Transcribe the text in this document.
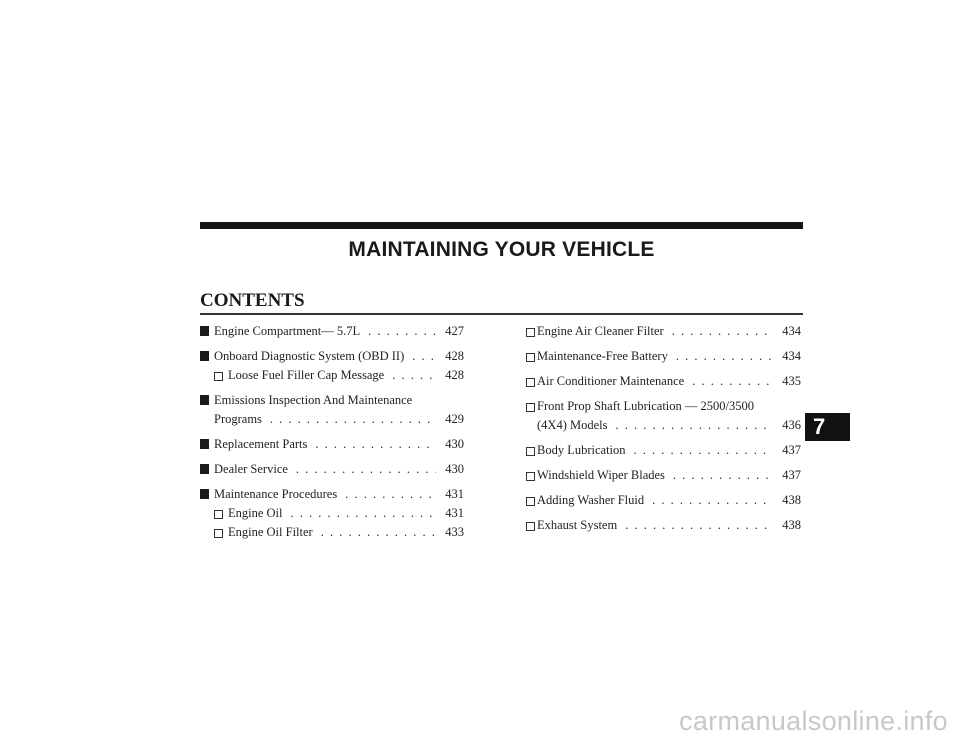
MAINTAINING YOUR VEHICLE
CONTENTS
Engine Compartment— 5.7L . . .	427
Onboard Diagnostic System (OBD II) . . .	428
Loose Fuel Filler Cap Message . . .	428
Emissions Inspection And Maintenance
Programs . . .	429
Replacement Parts . . .	430
Dealer Service . . .	430
Maintenance Procedures . . .	431
Engine Oil . . .	431
Engine Oil Filter . . .	433
Engine Air Cleaner Filter . . .	434
Maintenance-Free Battery . . .	434
Air Conditioner Maintenance . . .	435
Front Prop Shaft Lubrication — 2500/3500
(4X4) Models . . .	436
Body Lubrication . . .	437
Windshield Wiper Blades . . .	437
Adding Washer Fluid . . .	438
Exhaust System . . .	438
7
carmanualsonline.info
